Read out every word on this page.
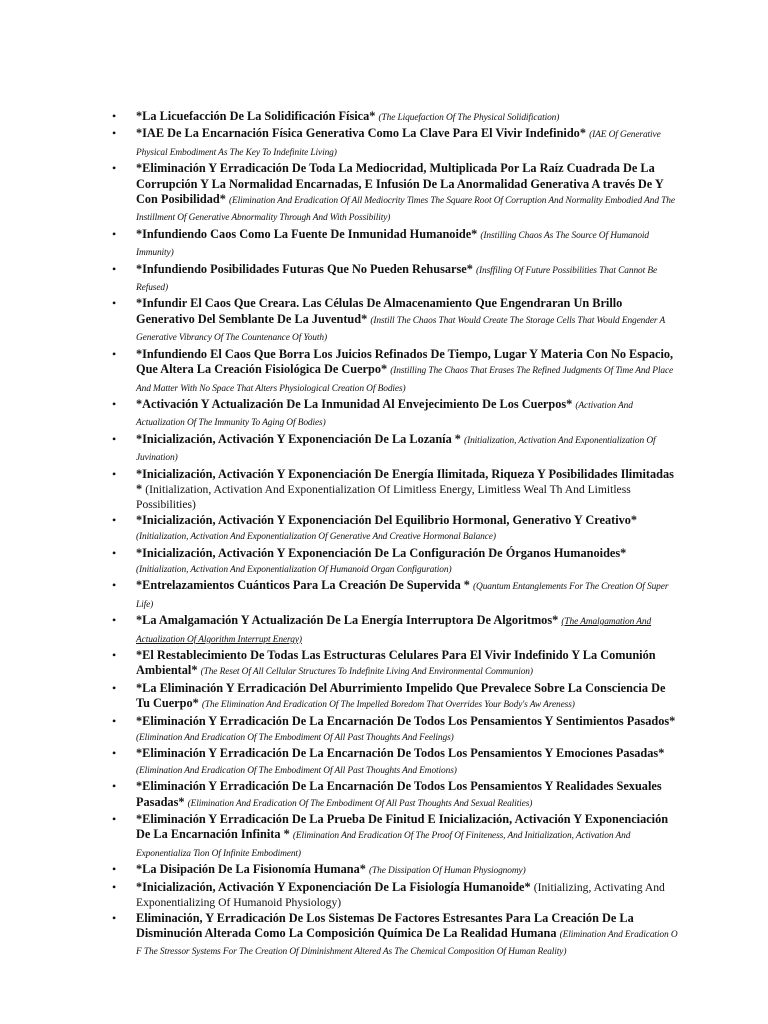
• *La Licuefacción De La Solidificación Física* (The Liquefaction Of The Physical Solidification)
• *IAE De La Encarnación Física Generativa Como La Clave Para El Vivir Indefinido* (IAE Of Generative Physical Embodiment As The Key To Indefinite Living)
• *Eliminación Y Erradicación De Toda La Mediocridad, Multiplicada Por La Raíz Cuadrada De La Corrupción Y La Normalidad Encarnadas, E Infusión De La Anormalidad Generativa A través De Y Con Posibilidad* (Elimination And Eradication Of All Mediocrity Times The Square Root Of Corruption And Normality Embodied And The Instillment Of Generative Abnormality Through And With Possibility)
• *Infundiendo Caos Como La Fuente De Inmunidad Humanoide* (Instilling Chaos As The Source Of Humanoid Immunity)
• *Infundiendo Posibilidades Futuras Que No Pueden Rehusarse* (Insffiling Of Future Possibilities That Cannot Be Refused)
• *Infundir El Caos Que Creara. Las Células De Almacenamiento Que Engendraran Un Brillo Generativo Del Semblante De La Juventud* (Instill The Chaos That Would Create The Storage Cells That Would Engender A Generative Vibrancy Of The Countenance Of Youth)
• *Infundiendo El Caos Que Borra Los Juicios Refinados De Tiempo, Lugar Y Materia Con No Espacio, Que Altera La Creación Fisiológica De Cuerpo* (Instilling The Chaos That Erases The Refined Judgments Of Time And Place And Matter With No Space That Alters Physiological Creation Of Bodies)
• *Activación Y Actualización De La Inmunidad Al Envejecimiento De Los Cuerpos* (Activation And Actualization Of The Immunity To Aging Of Bodies)
• *Inicialización, Activación Y Exponenciación De La Lozanía * (Initialization, Activation And Exponentialization Of Juvination)
• *Inicialización, Activación Y Exponenciación De Energía Ilimitada, Riqueza Y Posibilidades Ilimitadas * (Initialization, Activation And Exponentialization Of Limitless Energy, Limitless Weal Th And Limitless Possibilities)
• *Inicialización, Activación Y Exponenciación Del Equilibrio Hormonal, Generativo Y Creativo* (Initialization, Activation And Exponentialization Of Generative And Creative Hormonal Balance)
• *Inicialización, Activación Y Exponenciación De La Configuración De Órganos Humanoides* (Initialization, Activation And Exponentialization Of Humanoid Organ Configuration)
• *Entrelazamientos Cuánticos Para La Creación De Supervida * (Quantum Entanglements For The Creation Of Super Life)
• *La Amalgamación Y Actualización De La Energía Interruptora De Algoritmos* (The Amalgamation And Actualization Of Algorithm Interrupt Energy)
• *El Restablecimiento De Todas Las Estructuras Celulares Para El Vivir Indefinido Y La Comunión Ambiental* (The Reset Of All Cellular Structures To Indefinite Living And Environmental Communion)
• *La Eliminación Y Erradicación Del Aburrimiento Impelido Que Prevalece Sobre La Consciencia De Tu Cuerpo* (The Elimination And Eradication Of The Impelled Boredom That Overrides Your Body's Aw Areness)
• *Eliminación Y Erradicación De La Encarnación De Todos Los Pensamientos Y Sentimientos Pasados* (Elimination And Eradication Of The Embodiment Of All Past Thoughts And Feelings)
• *Eliminación Y Erradicación De La Encarnación De Todos Los Pensamientos Y Emociones Pasadas* (Elimination And Eradication Of The Embodiment Of All Past Thoughts And Emotions)
• *Eliminación Y Erradicación De La Encarnación De Todos Los Pensamientos Y Realidades Sexuales Pasadas* (Elimination And Eradication Of The Embodiment Of All Past Thoughts And Sexual Realities)
• *Eliminación Y Erradicación De La Prueba De Finitud E Inicialización, Activación Y Exponenciación De La Encarnación Infinita * (Elimination And Eradication Of The Proof Of Finiteness, And Initialization, Activation And Exponentializa Tion Of Infinite Embodiment)
• *La Disipación De La Fisionomía Humana* (The Dissipation Of Human Physiognomy)
• *Inicialización, Activación Y Exponenciación De La Fisiología Humanoide* (Initializing, Activating And Exponentializing Of Humanoid Physiology)
• Eliminación, Y Erradicación De Los Sistemas De Factores Estresantes Para La Creación De La Disminución Alterada Como La Composición Química De La Realidad Humana (Elimination And Eradication O F The Stressor Systems For The Creation Of Diminishment Altered As The Chemical Composition Of Human Reality)
